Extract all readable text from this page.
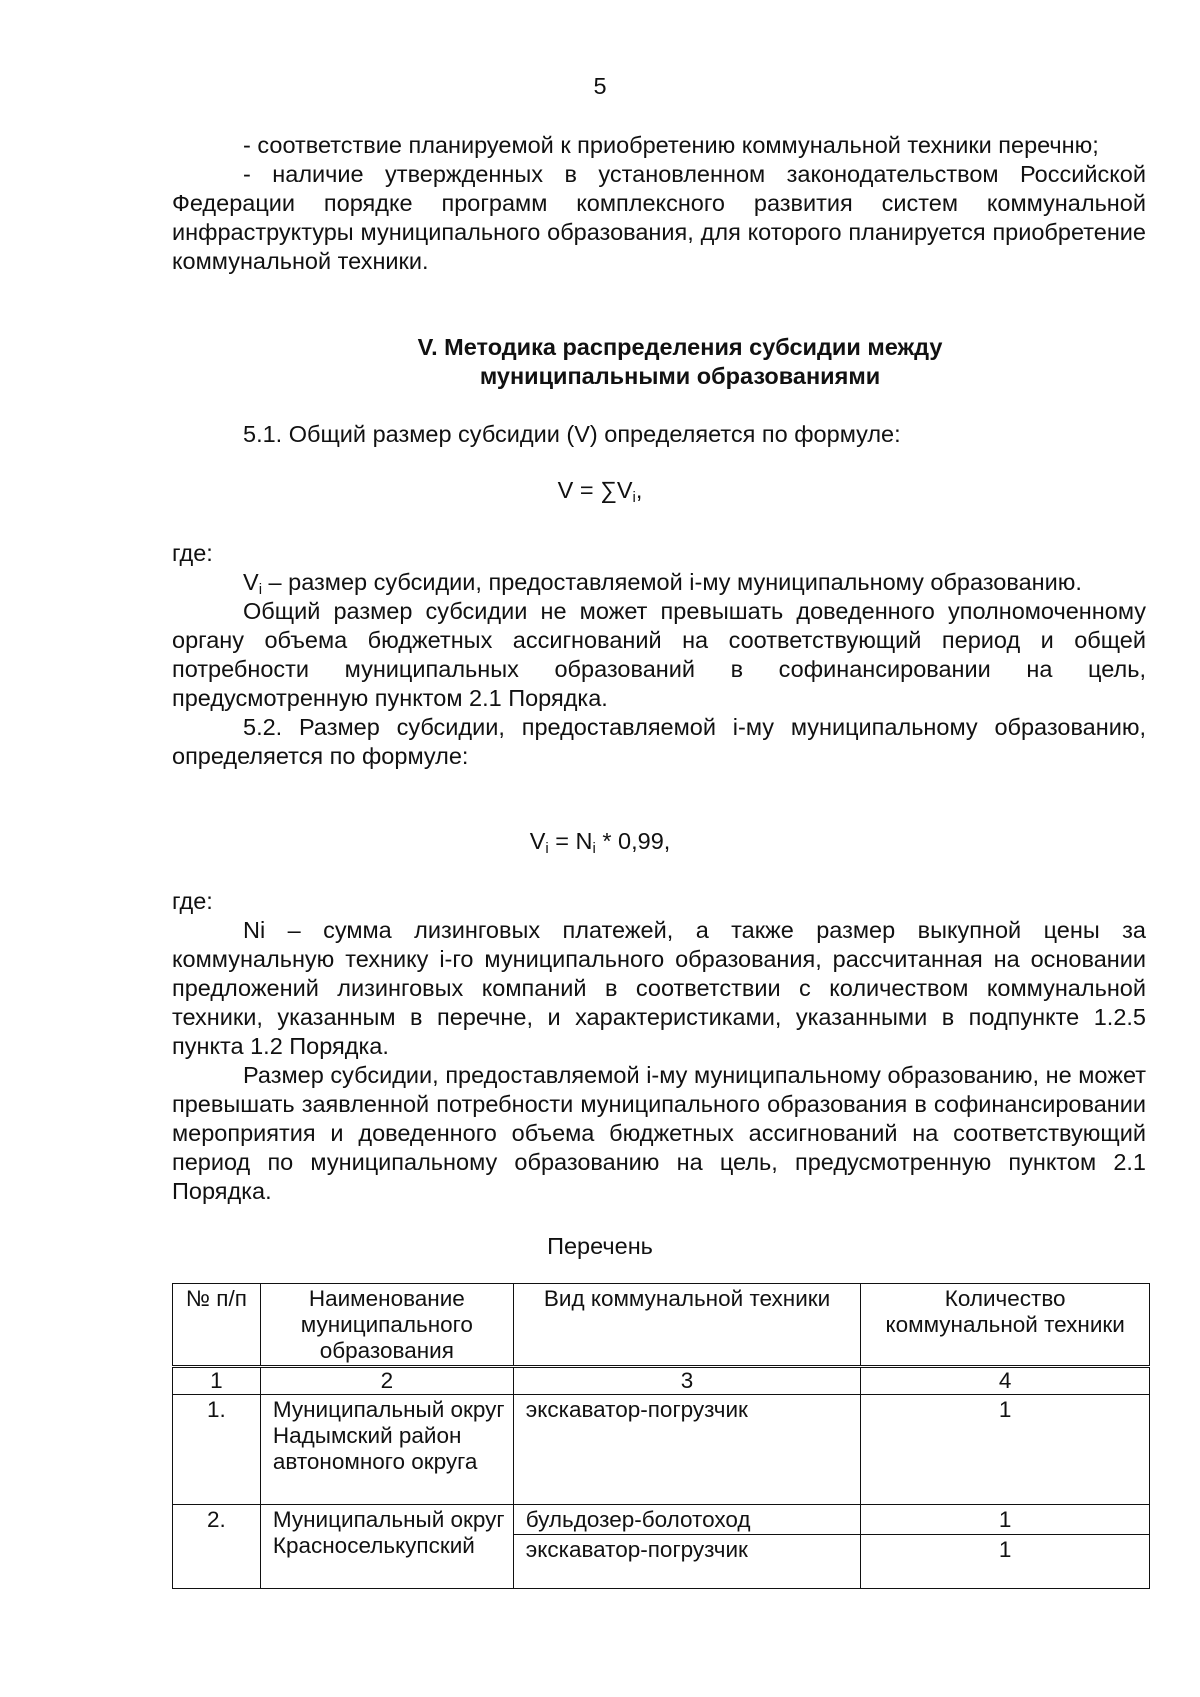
5

- соответствие планируемой к приобретению коммунальной техники перечню;

- наличие утвержденных в установленном законодательством Российской Федерации порядке программ комплексного развития систем коммунальной инфраструктуры муниципального образования, для которого планируется приобретение коммунальной техники.

V. Методика распределения субсидии между
муниципальными образованиями

5.1. Общий размер субсидии (V) определяется по формуле:

$V = \sum V_i$,

где:

$V_i$ – размер субсидии, предоставляемой i-му муниципальному образованию.

Общий размер субсидии не может превышать доведенного уполномоченному органу объема бюджетных ассигнований на соответствующий период и общей потребности муниципальных образований в софинансировании на цель, предусмотренную пунктом 2.1 Порядка.

5.2. Размер субсидии, предоставляемой i-му муниципальному образованию, определяется по формуле:

$V_i = N_i * 0,99$,

где:

Ni – сумма лизинговых платежей, а также размер выкупной цены за коммунальную технику i-го муниципального образования, рассчитанная на основании предложений лизинговых компаний в соответствии с количеством коммунальной техники, указанным в перечне, и характеристиками, указанными в подпункте 1.2.5 пункта 1.2 Порядка.

Размер субсидии, предоставляемой i-му муниципальному образованию, не может превышать заявленной потребности муниципального образования в софинансировании мероприятия и доведенного объема бюджетных ассигнований на соответствующий период по муниципальному образованию на цель, предусмотренную пунктом 2.1 Порядка.

Перечень
№ п/п	Наименование муниципального образования	Вид коммунальной техники	Количество коммунальной техники
1	2	3	4
1.	Муниципальный округ Надымский район автономного округа	экскаватор-погрузчик	1
2.	Муниципальный округ Красноселькупский	бульдозер-болотоход	1
		экскаватор-погрузчик	1
